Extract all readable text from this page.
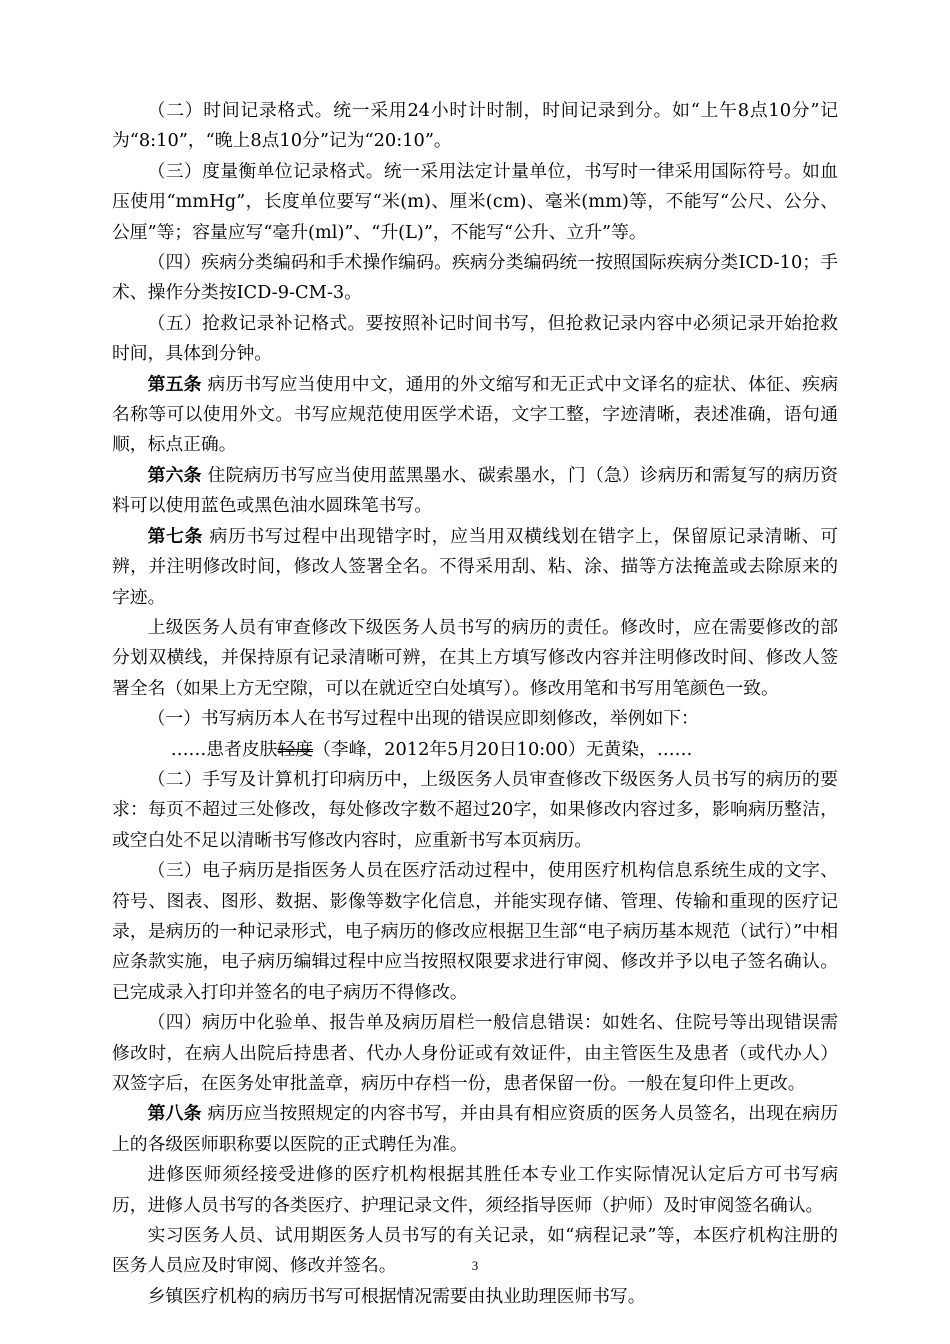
（二）时间记录格式。统一采用24小时计时制，时间记录到分。如“上午8点10分”记为“8:10”，“晚上8点10分”记为“20:10”。

（三）度量衡单位记录格式。统一采用法定计量单位，书写时一律采用国际符号。如血压使用“mmHg”，长度单位要写“米(m)、厘米(cm)、毫米(mm)等，不能写“公尺、公分、公厘”等；容量应写“毫升(ml)”、“升(L)”，不能写“公升、立升”等。

（四）疾病分类编码和手术操作编码。疾病分类编码统一按照国际疾病分类ICD-10；手术、操作分类按ICD-9-CM-3。

（五）抢救记录补记格式。要按照补记时间书写，但抢救记录内容中必须记录开始抢救时间，具体到分钟。

第五条 病历书写应当使用中文，通用的外文缩写和无正式中文译名的症状、体征、疾病名称等可以使用外文。书写应规范使用医学术语，文字工整，字迹清晰，表述准确，语句通顺，标点正确。

第六条 住院病历书写应当使用蓝黑墨水、碳索墨水，门（急）诊病历和需复写的病历资料可以使用蓝色或黑色油水圆珠笔书写。

第七条 病历书写过程中出现错字时，应当用双横线划在错字上，保留原记录清晰、可辨，并注明修改时间，修改人签署全名。不得采用刮、粘、涂、描等方法掩盖或去除原来的字迹。

上级医务人员有审查修改下级医务人员书写的病历的责任。修改时，应在需要修改的部分划双横线，并保持原有记录清晰可辨，在其上方填写修改内容并注明修改时间、修改人签署全名（如果上方无空隙，可以在就近空白处填写）。修改用笔和书写用笔颜色一致。

（一）书写病历本人在书写过程中出现的错误应即刻修改，举例如下：

……患者皮肤轻度（李峰，2012年5月20日10:00）无黄染，……

（二）手写及计算机打印病历中，上级医务人员审查修改下级医务人员书写的病历的要求：每页不超过三处修改，每处修改字数不超过20字，如果修改内容过多，影响病历整洁，或空白处不足以清晰书写修改内容时，应重新书写本页病历。

（三）电子病历是指医务人员在医疗活动过程中，使用医疗机构信息系统生成的文字、符号、图表、图形、数据、影像等数字化信息，并能实现存储、管理、传输和重现的医疗记录，是病历的一种记录形式，电子病历的修改应根据卫生部“电子病历基本规范（试行）”中相应条款实施，电子病历编辑过程中应当按照权限要求进行审阅、修改并予以电子签名确认。已完成录入打印并签名的电子病历不得修改。

（四）病历中化验单、报告单及病历眉栏一般信息错误：如姓名、住院号等出现错误需修改时，在病人出院后持患者、代办人身份证或有效证件，由主管医生及患者（或代办人）双签字后，在医务处审批盖章，病历中存档一份，患者保留一份。一般在复印件上更改。

第八条 病历应当按照规定的内容书写，并由具有相应资质的医务人员签名，出现在病历上的各级医师职称要以医院的正式聘任为准。

进修医师须经接受进修的医疗机构根据其胜任本专业工作实际情况认定后方可书写病历，进修人员书写的各类医疗、护理记录文件，须经指导医师（护师）及时审阅签名确认。

实习医务人员、试用期医务人员书写的有关记录，如“病程记录”等，本医疗机构注册的医务人员应及时审阅、修改并签名。

乡镇医疗机构的病历书写可根据情况需要由执业助理医师书写。

3
